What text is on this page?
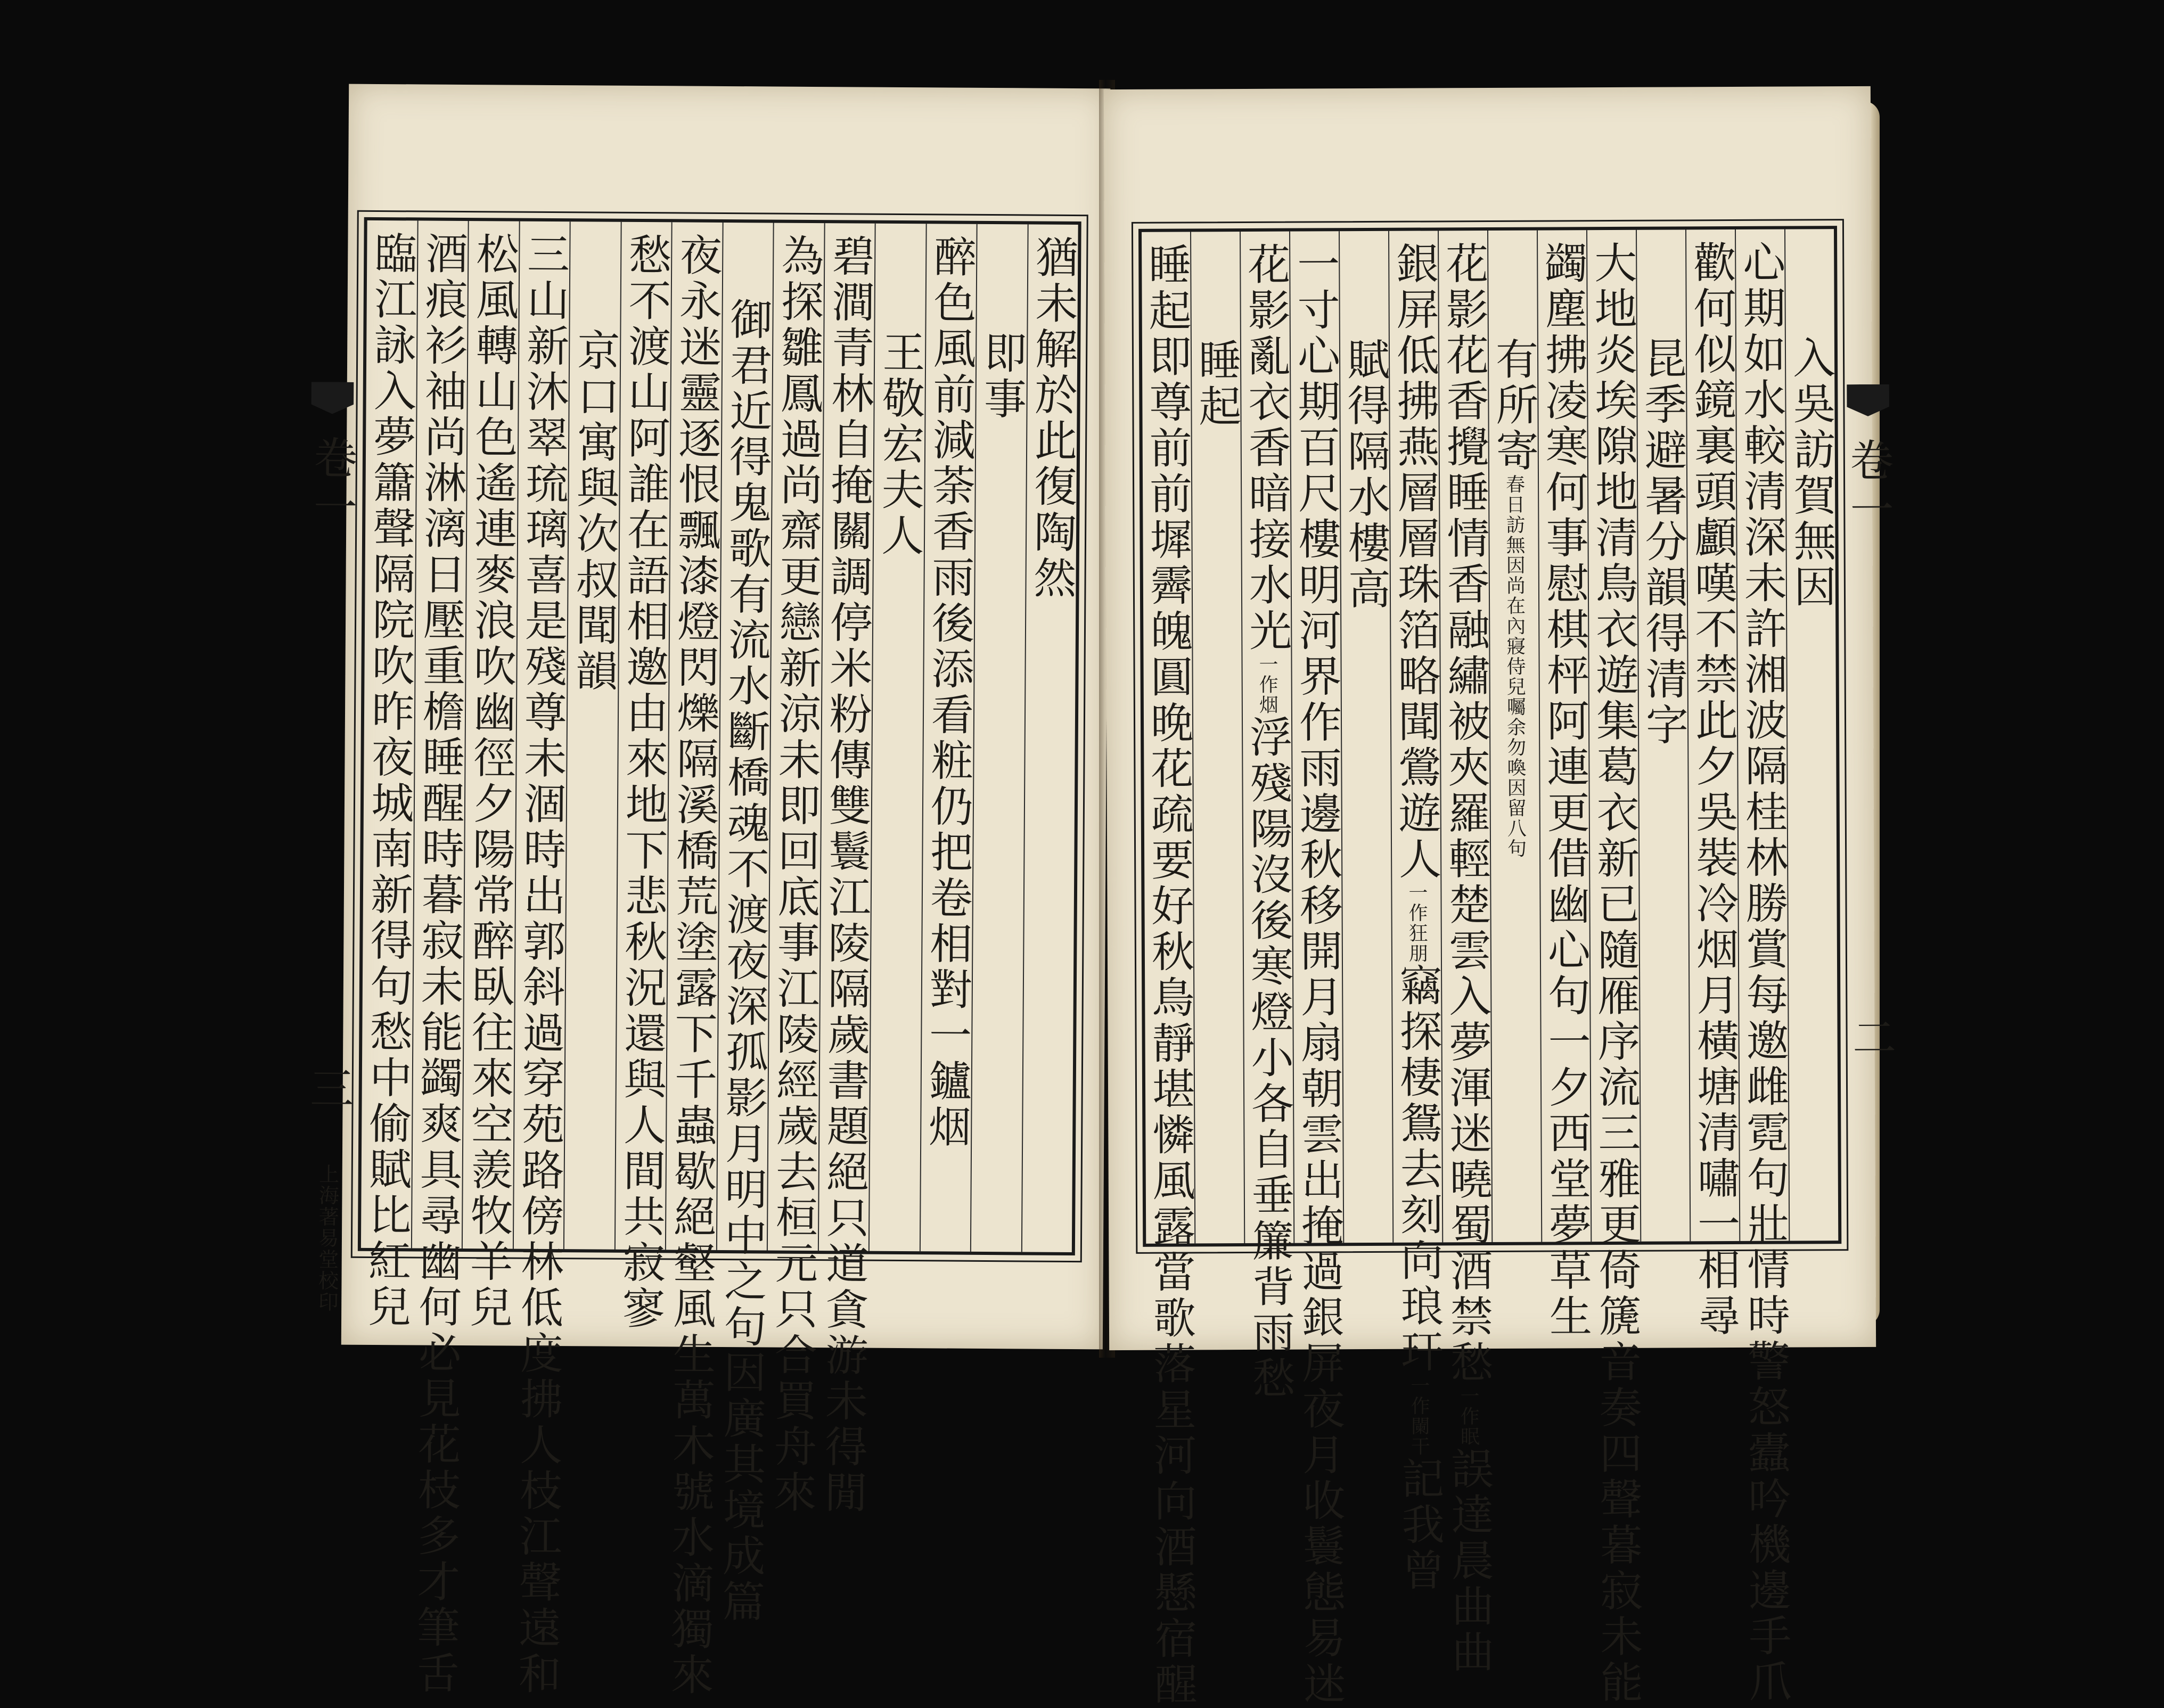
猶未解於此復陶然
即事
醉色風前減荼香雨後添看粧仍把卷相對一鑪烟
王敬宏夫人
碧澗青林自掩關調停米粉傳雙鬟江陵隔歲書題絕只道貪游未得閒
為探雛鳳過尚齋更戀新涼未即回底事江陵經歲去桓元只合買舟來
御君近得鬼歌有流水斷橋魂不渡夜深孤影月明中之句因廣其境成篇
夜永迷靈逐恨飄漆燈閃爍隔溪橋荒塗露下千蟲歇絕壑風生萬木號水滴獨來
愁不渡山阿誰在語相邀由來地下悲秋況還與人間共寂寥
京口寓與次叔聞韻
三山新沐翠琉璃喜是殘尊未涸時出郭斜過穿苑路傍林低度拂人枝江聲遠和
松風轉山色遙連麥浪吹幽徑夕陽常醉臥往來空羨牧羊兒
酒痕衫袖尚淋漓日壓重檐睡醒時暮寂未能蠲爽具尋幽何必見花枝多才筆舌
臨江詠入夢簫聲隔院吹昨夜城南新得句愁中偷賦比紅兒
卷一
三
上海著易堂校印
入吳訪賀無因
心期如水較清深未許湘波隔桂林勝賞每邀雌霓句壯情時警怒蠹吟機邊手爪
歡何似鏡裏頭顱嘆不禁此夕吳裝冷烟月橫塘清嘯一相尋
昆季避暑分韻得清字
大地炎埃隙地清鳥衣遊集葛衣新已隨雁序流三雅更倚篪音奏四聲暮寂未能
蠲塵拂凌寒何事慰棋枰阿連更借幽心句一夕西堂夢草生
有所寄春日訪無因尚在內寢侍兒囑余勿喚因留八句
花影花香攪睡情香融繡被夾羅輕楚雲入夢渾迷曉蜀酒禁愁一作眠誤達晨曲曲
銀屏低拂燕層層珠箔略聞鶯遊人一作狂朋竊探棲鴛去刻向琅玕一作闌干記我曾
賦得隔水樓高
一寸心期百尺樓明河界作雨邊秋移開月扇朝雲出掩過銀屏夜月收鬟態易迷
花影亂衣香暗接水光一作烟浮殘陽沒後寒燈小各自垂簾背雨愁
睡起
睡起即尊前前墀霽魄圓晚花疏要好秋鳥靜堪憐風露當歌落星河向酒懸宿醒	卷一
二
